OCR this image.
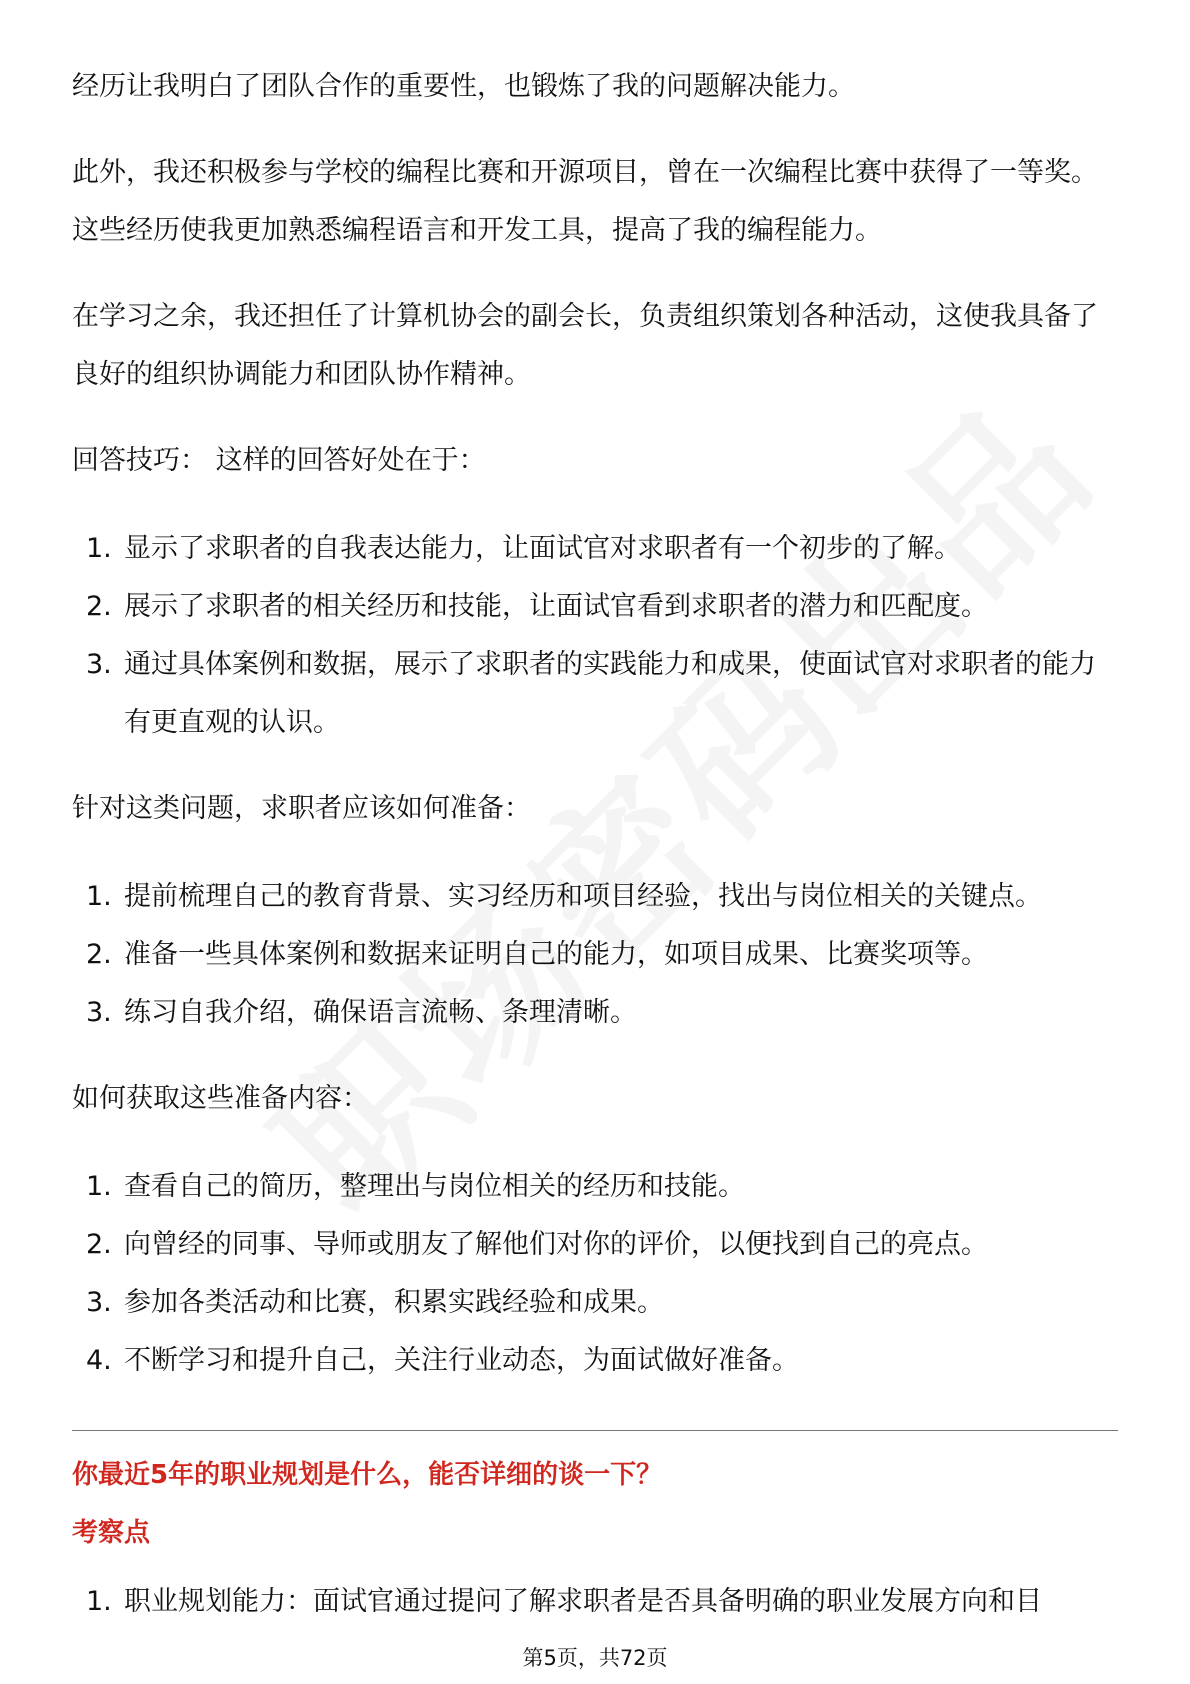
经历让我明白了团队合作的重要性，也锻炼了我的问题解决能力。

此外，我还积极参与学校的编程比赛和开源项目，曾在一次编程比赛中获得了一等奖。这些经历使我更加熟悉编程语言和开发工具，提高了我的编程能力。

在学习之余，我还担任了计算机协会的副会长，负责组织策划各种活动，这使我具备了良好的组织协调能力和团队协作精神。

回答技巧： 这样的回答好处在于：

1. 显示了求职者的自我表达能力，让面试官对求职者有一个初步的了解。
2. 展示了求职者的相关经历和技能，让面试官看到求职者的潜力和匹配度。
3. 通过具体案例和数据，展示了求职者的实践能力和成果，使面试官对求职者的能力有更直观的认识。

针对这类问题，求职者应该如何准备：

1. 提前梳理自己的教育背景、实习经历和项目经验，找出与岗位相关的关键点。
2. 准备一些具体案例和数据来证明自己的能力，如项目成果、比赛奖项等。
3. 练习自我介绍，确保语言流畅、条理清晰。

如何获取这些准备内容：

1. 查看自己的简历，整理出与岗位相关的经历和技能。
2. 向曾经的同事、导师或朋友了解他们对你的评价，以便找到自己的亮点。
3. 参加各类活动和比赛，积累实践经验和成果。
4. 不断学习和提升自己，关注行业动态，为面试做好准备。
你最近5年的职业规划是什么，能否详细的谈一下？
考察点
1. 职业规划能力：面试官通过提问了解求职者是否具备明确的职业发展方向和目
第5页，共72页
